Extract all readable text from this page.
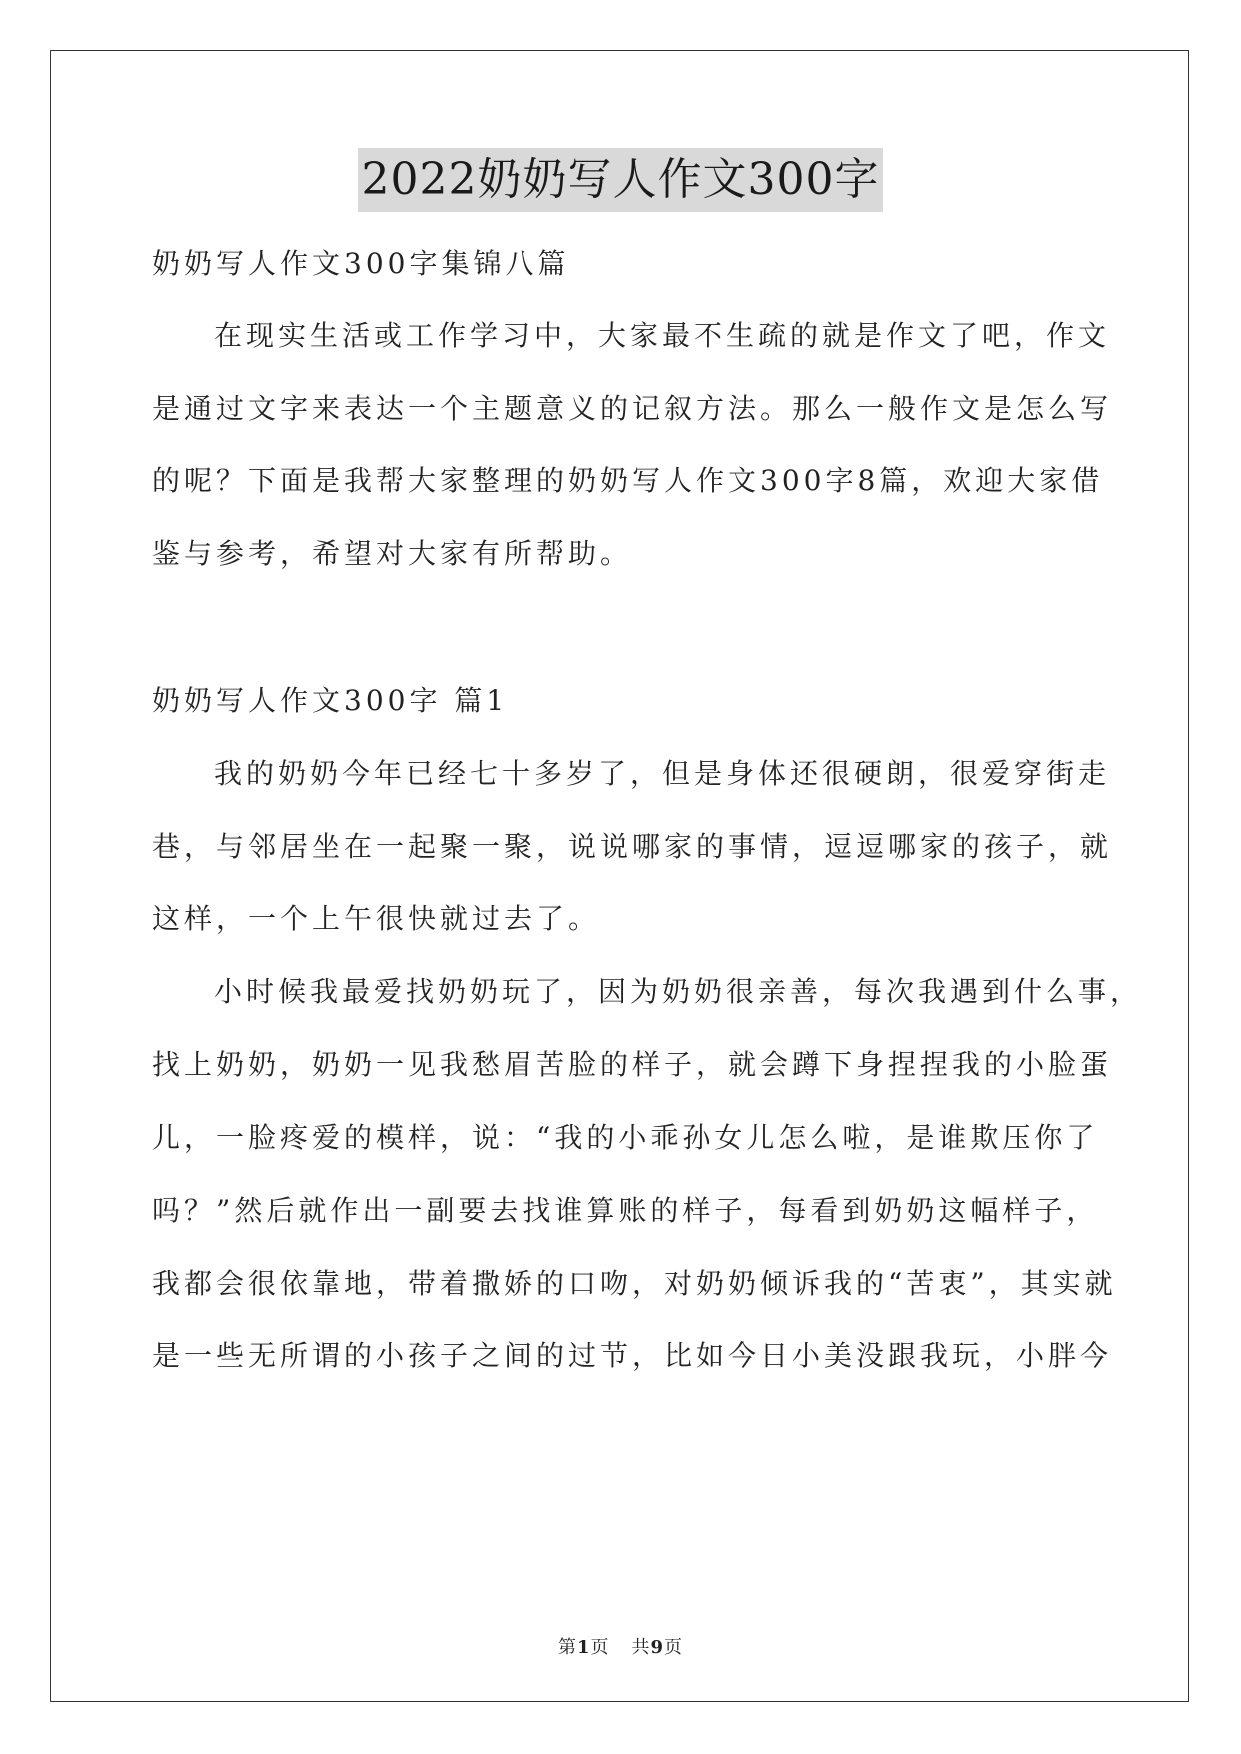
2022奶奶写人作文300字
奶奶写人作文300字集锦八篇
在现实生活或工作学习中，大家最不生疏的就是作文了吧，作文
是通过文字来表达一个主题意义的记叙方法。那么一般作文是怎么写
的呢？下面是我帮大家整理的奶奶写人作文300字8篇，欢迎大家借
鉴与参考，希望对大家有所帮助。
奶奶写人作文300字 篇1
我的奶奶今年已经七十多岁了，但是身体还很硬朗，很爱穿街走
巷，与邻居坐在一起聚一聚，说说哪家的事情，逗逗哪家的孩子，就
这样，一个上午很快就过去了。
小时候我最爱找奶奶玩了，因为奶奶很亲善，每次我遇到什么事，
找上奶奶，奶奶一见我愁眉苦脸的样子，就会蹲下身捏捏我的小脸蛋
儿，一脸疼爱的模样，说：“我的小乖孙女儿怎么啦，是谁欺压你了
吗？”然后就作出一副要去找谁算账的样子，每看到奶奶这幅样子，
我都会很依靠地，带着撒娇的口吻，对奶奶倾诉我的“苦衷”，其实就
是一些无所谓的小孩子之间的过节，比如今日小美没跟我玩，小胖今
第1页 共9页
